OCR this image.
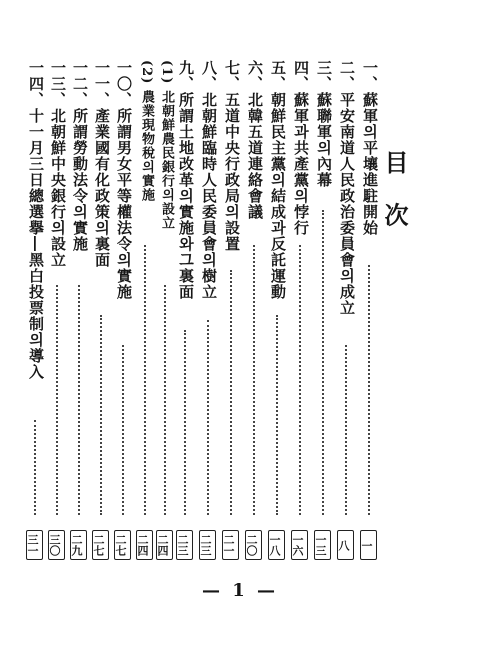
目 次
一、蘇軍의平壤進駐開始
一
二、平安南道人民政治委員會의成立
八
三、蘇聯軍의內幕
一三
四、蘇軍과共產黨의悖行
一六
五、朝鮮民主黨의結成과反託運動
一八
六、北韓五道連絡會議
二〇
七、五道中央行政局의設置
二一
八、北朝鮮臨時人民委員會의樹立
二三
九、所謂土地改革의實施와그裏面
二三
(1) 北朝鮮農民銀行의設立
二四
(2) 農業現物稅의實施
二四
一〇、所謂男女平等權法令의實施
二七
一一、產業國有化政策의裏面
二七
一二、所謂勞動法令의實施
二九
一三、北朝鮮中央銀行의設立
三〇
一四、十一月三日總選擧―黑白投票制의導入
三一
— 1 —
